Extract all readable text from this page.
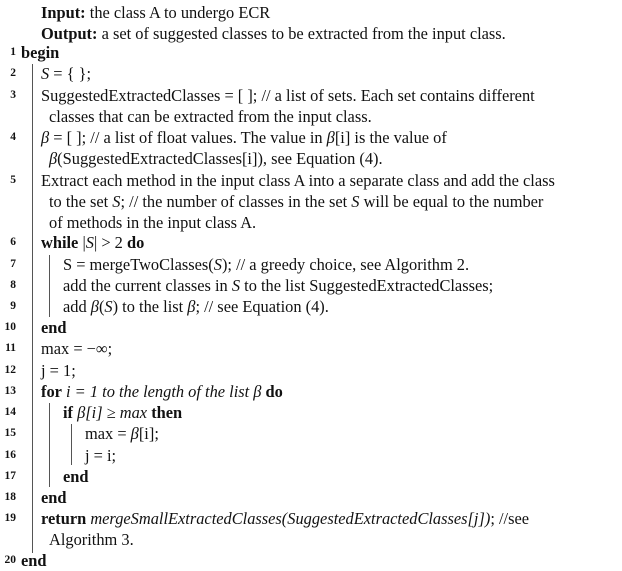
Input: the class A to undergo ECR
Output: a set of suggested classes to be extracted from the input class.
1 begin
2 S = { };
3 SuggestedExtractedClasses = [ ]; // a list of sets. Each set contains different
classes that can be extracted from the input class.
4 β = [ ]; // a list of float values. The value in β[i] is the value of
β(SuggestedExtractedClasses[i]), see Equation (4).
5 Extract each method in the input class A into a separate class and add the class
to the set S; // the number of classes in the set S will be equal to the number
of methods in the input class A.
6 while |S| > 2 do
7	S = mergeTwoClasses(S); // a greedy choice, see Algorithm 2.
8	add the current classes in S to the list SuggestedExtractedClasses;
9	add β(S) to the list β; // see Equation (4).
10 end
11 max = −∞;
12 j = 1;
13 for i = 1 to the length of the list β do
14	if β[i] ≥ max then
15	max = β[i];
16	j = i;
17	end
18 end
19 return mergeSmallExtractedClasses(SuggestedExtractedClasses[j]); //see
Algorithm 3.
20 end
